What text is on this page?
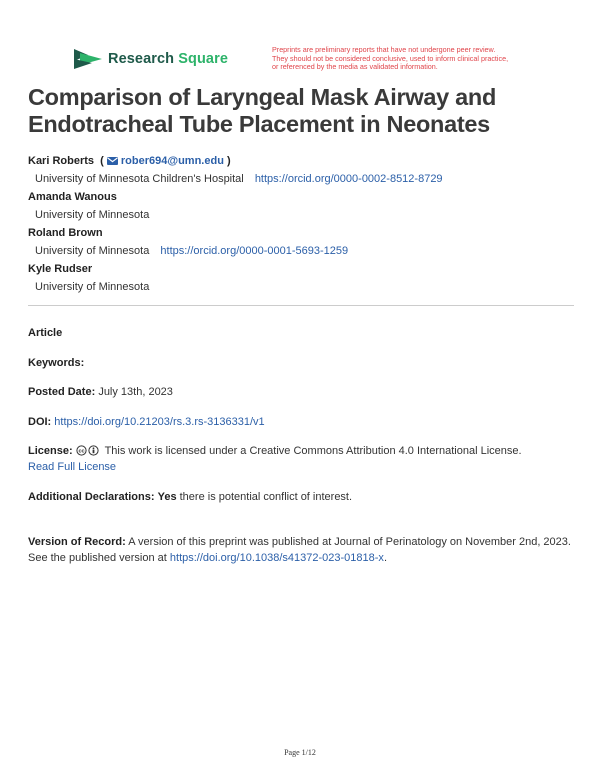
Research Square
Preprints are preliminary reports that have not undergone peer review.
They should not be considered conclusive, used to inform clinical practice,
or referenced by the media as validated information.
Comparison of Laryngeal Mask Airway and Endotracheal Tube Placement in Neonates
Kari Roberts  ( rober694@umn.edu )
University of Minnesota Children's Hospital https://orcid.org/0000-0002-8512-8729
Amanda Wanous
University of Minnesota
Roland Brown
University of Minnesota https://orcid.org/0000-0001-5693-1259
Kyle Rudser
University of Minnesota
Article
Keywords:
Posted Date: July 13th, 2023
DOI: https://doi.org/10.21203/rs.3.rs-3136331/v1
License: cc This work is licensed under a Creative Commons Attribution 4.0 International License.
Read Full License
Additional Declarations: Yes there is potential conflict of interest.
Version of Record: A version of this preprint was published at Journal of Perinatology on November 2nd, 2023. See the published version at https://doi.org/10.1038/s41372-023-01818-x.
Page 1/12
